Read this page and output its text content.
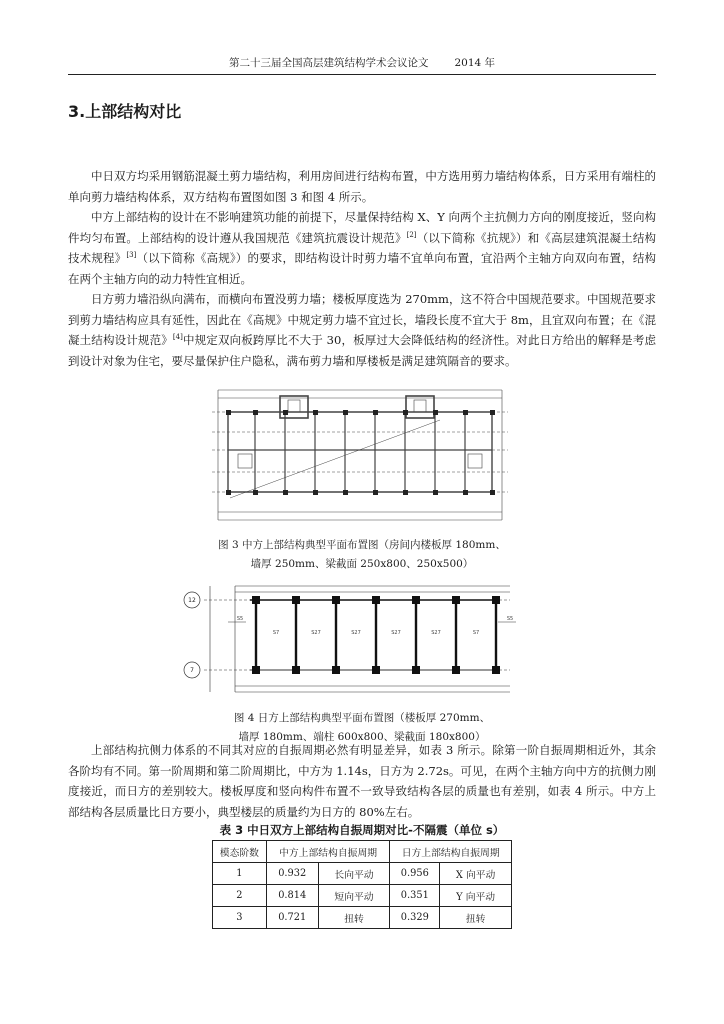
第二十三届全国高层建筑结构学术会议论文 2014 年
3.上部结构对比

中日双方均采用钢筋混凝土剪力墙结构，利用房间进行结构布置，中方选用剪力墙结构体系，日方采用有端柱的单向剪力墙结构体系，双方结构布置图如图 3 和图 4 所示。

中方上部结构的设计在不影响建筑功能的前提下，尽量保持结构 X、Y 向两个主抗侧力方向的刚度接近，竖向构件均匀布置。上部结构的设计遵从我国规范《建筑抗震设计规范》[2]（以下简称《抗规》）和《高层建筑混凝土结构技术规程》[3]（以下简称《高规》）的要求，即结构设计时剪力墙不宜单向布置，宜沿两个主轴方向双向布置，结构在两个主轴方向的动力特性宜相近。

日方剪力墙沿纵向满布，而横向布置没剪力墙；楼板厚度选为 270mm，这不符合中国规范要求。中国规范要求到剪力墙结构应具有延性，因此在《高规》中规定剪力墙不宜过长，墙段长度不宜大于 8m，且宜双向布置；在《混凝土结构设计规范》[4]中规定双向板跨厚比不大于 30，板厚过大会降低结构的经济性。对此日方给出的解释是考虑到设计对象为住宅，要尽量保护住户隐私，满布剪力墙和厚楼板是满足建筑隔音的要求。

图 3 中方上部结构典型平面布置图（房间内楼板厚 180mm、
墙厚 250mm、梁截面 250x800、250x500）
12
7
S5
S7	S27	S27	S27	S27	S7
S5
图 4 日方上部结构典型平面布置图（楼板厚 270mm、
墙厚 180mm、端柱 600x800、梁截面 180x800）

上部结构抗侧力体系的不同其对应的自振周期必然有明显差异，如表 3 所示。除第一阶自振周期相近外，其余各阶均有不同。第一阶周期和第二阶周期比，中方为 1.14s，日方为 2.72s。可见，在两个主轴方向中方的抗侧力刚度接近，而日方的差别较大。楼板厚度和竖向构件布置不一致导致结构各层的质量也有差别，如表 4 所示。中方上部结构各层质量比日方要小，典型楼层的质量约为日方的 80%左右。

表 3 中日双方上部结构自振周期对比-不隔震（单位 s）
模态阶数	中方上部结构自振周期		日方上部结构自振周期	
1	0.932	长向平动	0.956	X 向平动
2	0.814	短向平动	0.351	Y 向平动
3	0.721	扭转	0.329	扭转
